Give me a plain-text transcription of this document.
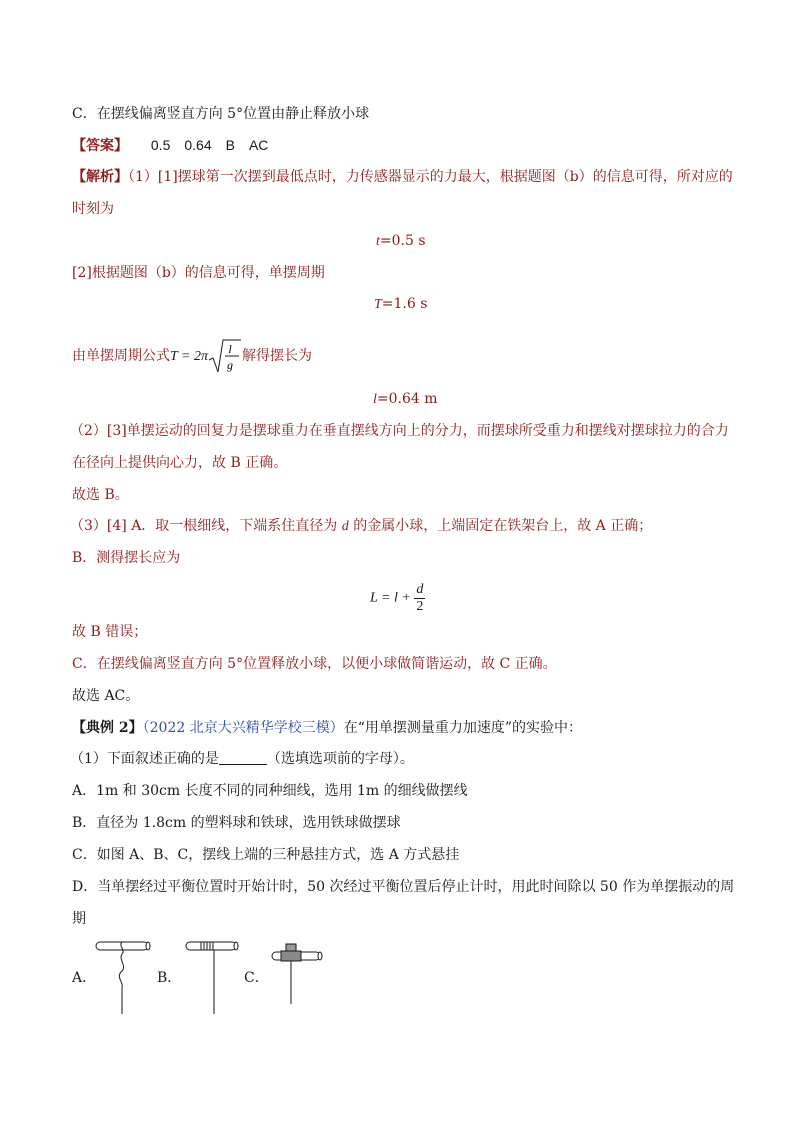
C．在摆线偏离竖直方向 5°位置由静止释放小球
【答案】 0.5　0.64　B　AC
【解析】（1）[1]摆球第一次摆到最低点时，力传感器显示的力最大，根据题图（b）的信息可得，所对应的
时刻为
t=0.5 s
[2]根据题图（b）的信息可得，单摆周期
T=1.6 s
由单摆周期公式T = 2π l
g
解得摆长为
l=0.64 m
（2）[3]单摆运动的回复力是摆球重力在垂直摆线方向上的分力，而摆球所受重力和摆线对摆球拉力的合力
在径向上提供向心力，故 B 正确。
故选 B。
（3）[4] A．取一根细线，下端系住直径为 d 的金属小球，上端固定在铁架台上，故 A 正确；
B．测得摆长应为
$L = l + \frac{d}{2}$
故 B 错误；
C．在摆线偏离竖直方向 5°位置释放小球，以便小球做简谐运动，故 C 正确。
故选 AC。
【典例 2】（2022 北京大兴精华学校三模）在“用单摆测量重力加速度”的实验中：
（1）下面叙述正确的是	（选填选项前的字母）。
A．1m 和 30cm 长度不同的同种细线，选用 1m 的细线做摆线
B．直径为 1.8cm 的塑料球和铁球，选用铁球做摆球
C．如图 A、B、C，摆线上端的三种悬挂方式，选 A 方式悬挂
D．当单摆经过平衡位置时开始计时，50 次经过平衡位置后停止计时，用此时间除以 50 作为单摆振动的周
期
A．	B．	C．
